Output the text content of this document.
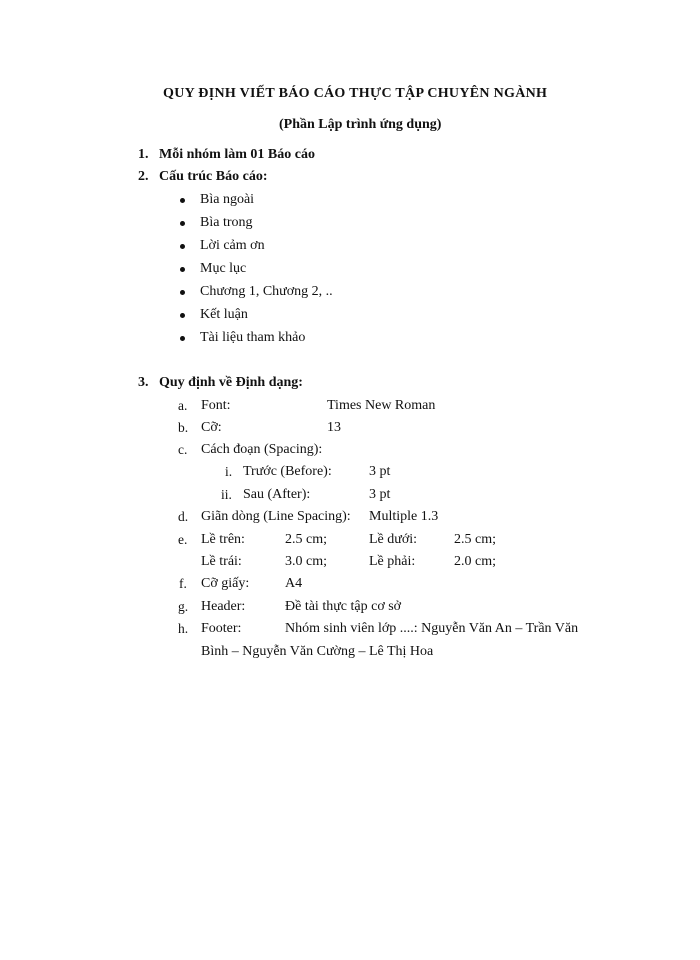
QUY ĐỊNH VIẾT BÁO CÁO THỰC TẬP CHUYÊN NGÀNH
(Phần Lập trình ứng dụng)
1. Mỗi nhóm làm 01 Báo cáo
2. Cấu trúc Báo cáo:
Bìa ngoài
Bìa trong
Lời cảm ơn
Mục lục
Chương 1, Chương 2, ..
Kết luận
Tài liệu tham khảo
3. Quy định về Định dạng:
a. Font:	Times New Roman
b. Cỡ:	13
c. Cách đoạn (Spacing):
i. Trước (Before):	3 pt
ii. Sau (After):	3 pt
d. Giãn dòng (Line Spacing): Multiple 1.3
e. Lề trên:	2.5 cm;	Lề dưới:	2.5 cm;
Lề trái:	3.0 cm;	Lề phải:	2.0 cm;
f. Cỡ giấy:	A4
g. Header:	Đề tài thực tập cơ sở
h. Footer:	Nhóm sinh viên lớp ....: Nguyễn Văn An – Trần Văn
Bình – Nguyễn Văn Cường – Lê Thị Hoa
